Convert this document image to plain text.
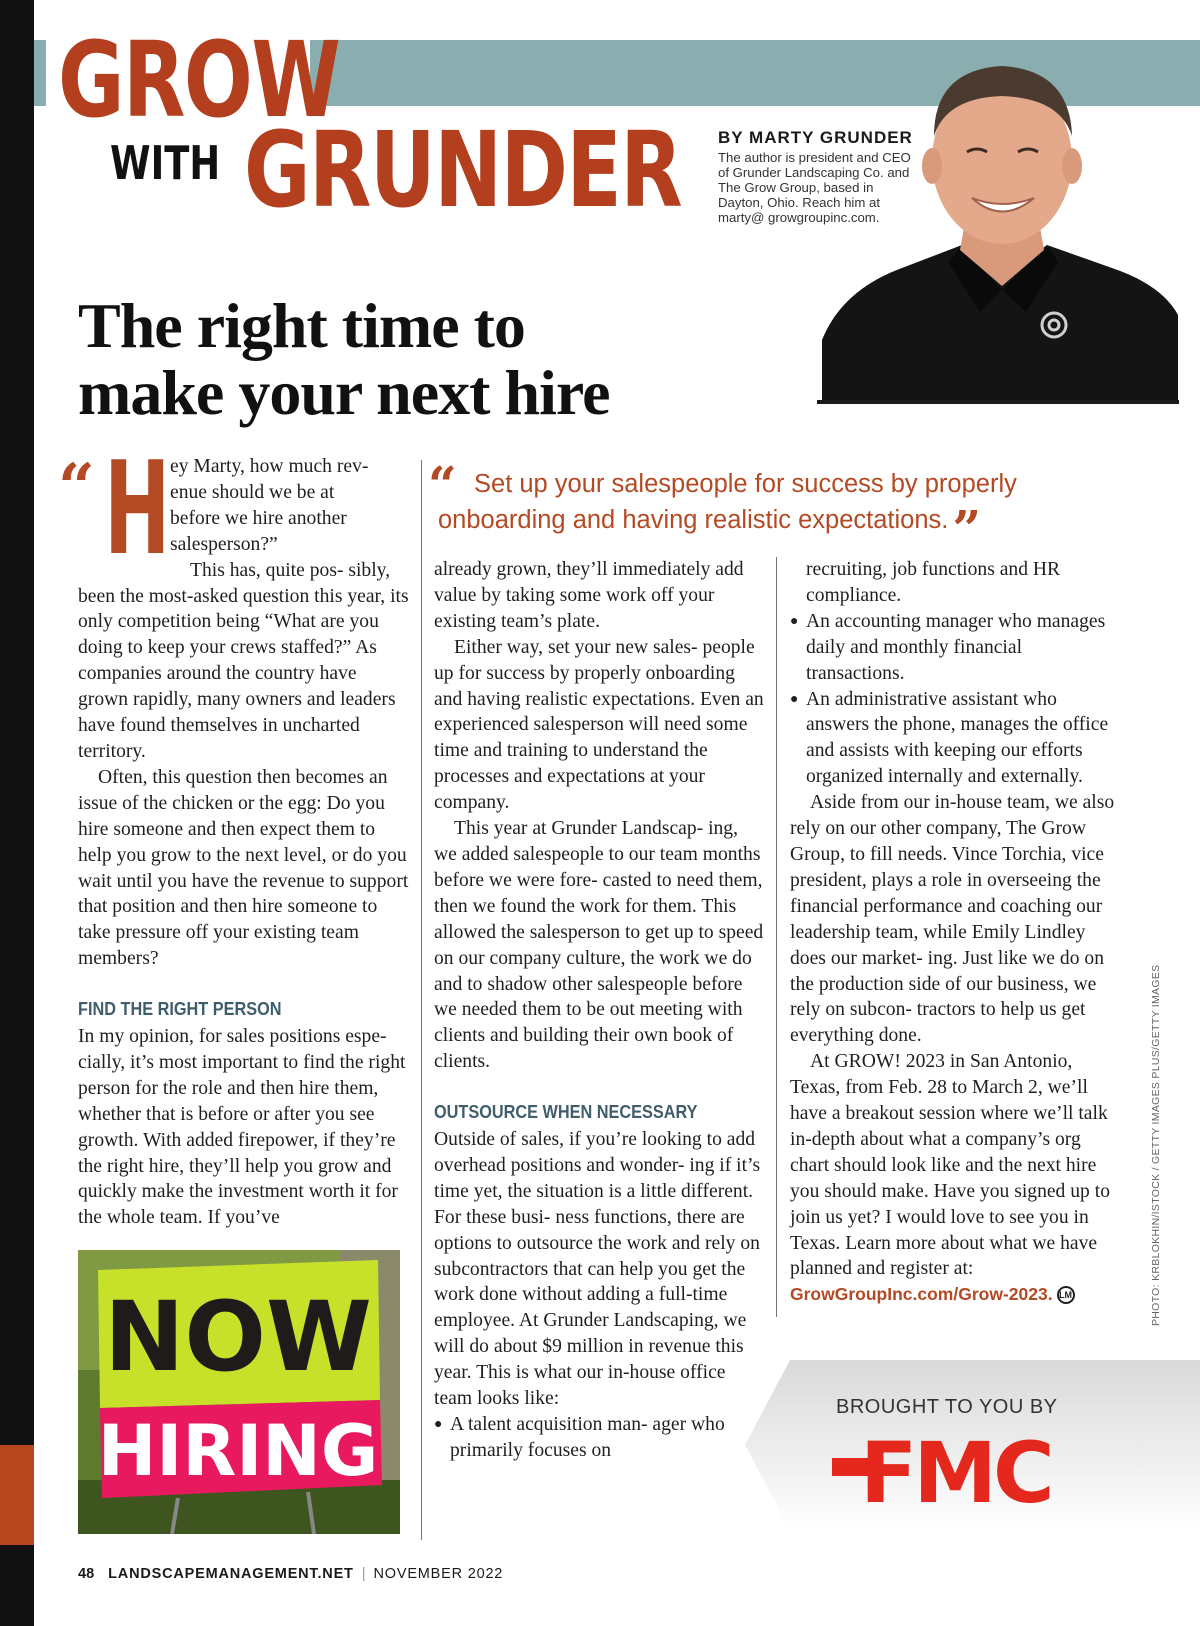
GROW
WITH GRUNDER BY MARTY GRUNDER
The author is president and CEO of Grunder Landscaping Co. and The Grow Group, based in Dayton, Ohio. Reach him at marty@ growgroupinc.com.
The right time to
make your next hire
“ Set up your salespeople for success by properly onboarding and having realistic expectations.”
“ H ey Marty, how much rev-
enue should we be at
before we hire another
salesperson?”

This has, quite pos- sibly, been the most-asked question this year, its only competition being “What are you doing to keep your crews staffed?” As companies around the country have grown rapidly, many owners and leaders have found themselves in uncharted territory.

Often, this question then becomes an issue of the chicken or the egg: Do you hire someone and then expect them to help you grow to the next level, or do you wait until you have the revenue to support that position and then hire someone to take pressure off your existing team members?

FIND THE RIGHT PERSON

In my opinion, for sales positions espe- cially, it’s most important to find the right person for the role and then hire them, whether that is before or after you see growth. With added firepower, if they’re the right hire, they’ll help you grow and quickly make the investment worth it for the whole team. If you’ve

already grown, they’ll immediately add value by taking some work off your existing team’s plate.

Either way, set your new sales- people up for success by properly onboarding and having realistic expectations. Even an experienced salesperson will need some time and training to understand the processes and expectations at your company.

This year at Grunder Landscap- ing, we added salespeople to our team months before we were fore- casted to need them, then we found the work for them. This allowed the salesperson to get up to speed on our company culture, the work we do and to shadow other salespeople before we needed them to be out meeting with clients and building their own book of clients.

OUTSOURCE WHEN NECESSARY

Outside of sales, if you’re looking to add overhead positions and wonder- ing if it’s time yet, the situation is a little different. For these busi- ness functions, there are options to outsource the work and rely on subcontractors that can help you get the work done without adding a full-time employee. At Grunder Landscaping, we will do about $9 million in revenue this year. This is what our in-house office team looks like:

● A talent acquisition man- ager who primarily focuses on
recruiting, job functions and HR compliance.
● An accounting manager who manages daily and monthly financial transactions.
● An administrative assistant who answers the phone, manages the office and assists with keeping our efforts organized internally and externally.

Aside from our in-house team, we also rely on our other company, The Grow Group, to fill needs. Vince Torchia, vice president, plays a role in overseeing the financial performance and coaching our leadership team, while Emily Lindley does our market- ing. Just like we do on the production side of our business, we rely on subcon- tractors to help us get everything done.

At GROW! 2023 in San Antonio, Texas, from Feb. 28 to March 2, we’ll have a breakout session where we’ll talk in-depth about what a company’s org chart should look like and the next hire you should make. Have you signed up to join us yet? I would love to see you in Texas. Learn more about what we have planned and register at:

GrowGroupInc.com/Grow-2023. LM
NOW
HIRING
PHOTO: KRBLOKHIN/ISTOCK / GETTY IMAGES PLUS/GETTY IMAGES
BROUGHT TO YOU BY
FMC
48 LANDSCAPEMANAGEMENT.NET | NOVEMBER 2022
